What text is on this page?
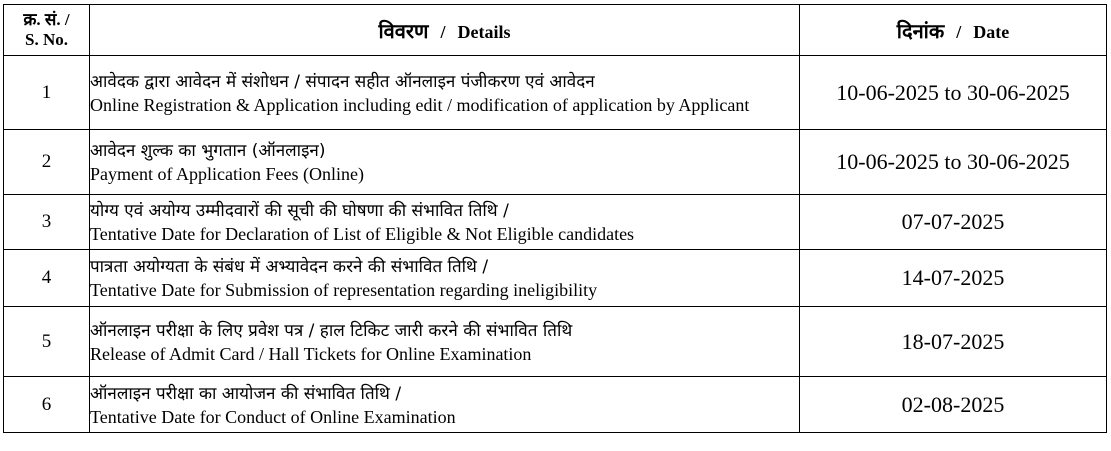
क्र. सं. /
S. No.	विवरण / Details	दिनांक / Date
1	आवेदक द्वारा आवेदन में संशोधन / संपादन सहीत ऑनलाइन पंजीकरण एवं आवेदन
Online Registration & Application including edit / modification of application by Applicant	10-06-2025 to 30-06-2025
2	आवेदन शुल्क का भुगतान (ऑनलाइन)
Payment of Application Fees (Online)	10-06-2025 to 30-06-2025
3	योग्य एवं अयोग्य उम्मीदवारों की सूची की घोषणा की संभावित तिथि /
Tentative Date for Declaration of List of Eligible & Not Eligible candidates	07-07-2025
4	पात्रता अयोग्यता के संबंध में अभ्यावेदन करने की संभावित तिथि /
Tentative Date for Submission of representation regarding ineligibility	14-07-2025
5	ऑनलाइन परीक्षा के लिए प्रवेश पत्र / हाल टिकिट जारी करने की संभावित तिथि
Release of Admit Card / Hall Tickets for Online Examination	18-07-2025
6	ऑनलाइन परीक्षा का आयोजन की संभावित तिथि /
Tentative Date for Conduct of Online Examination	02-08-2025
